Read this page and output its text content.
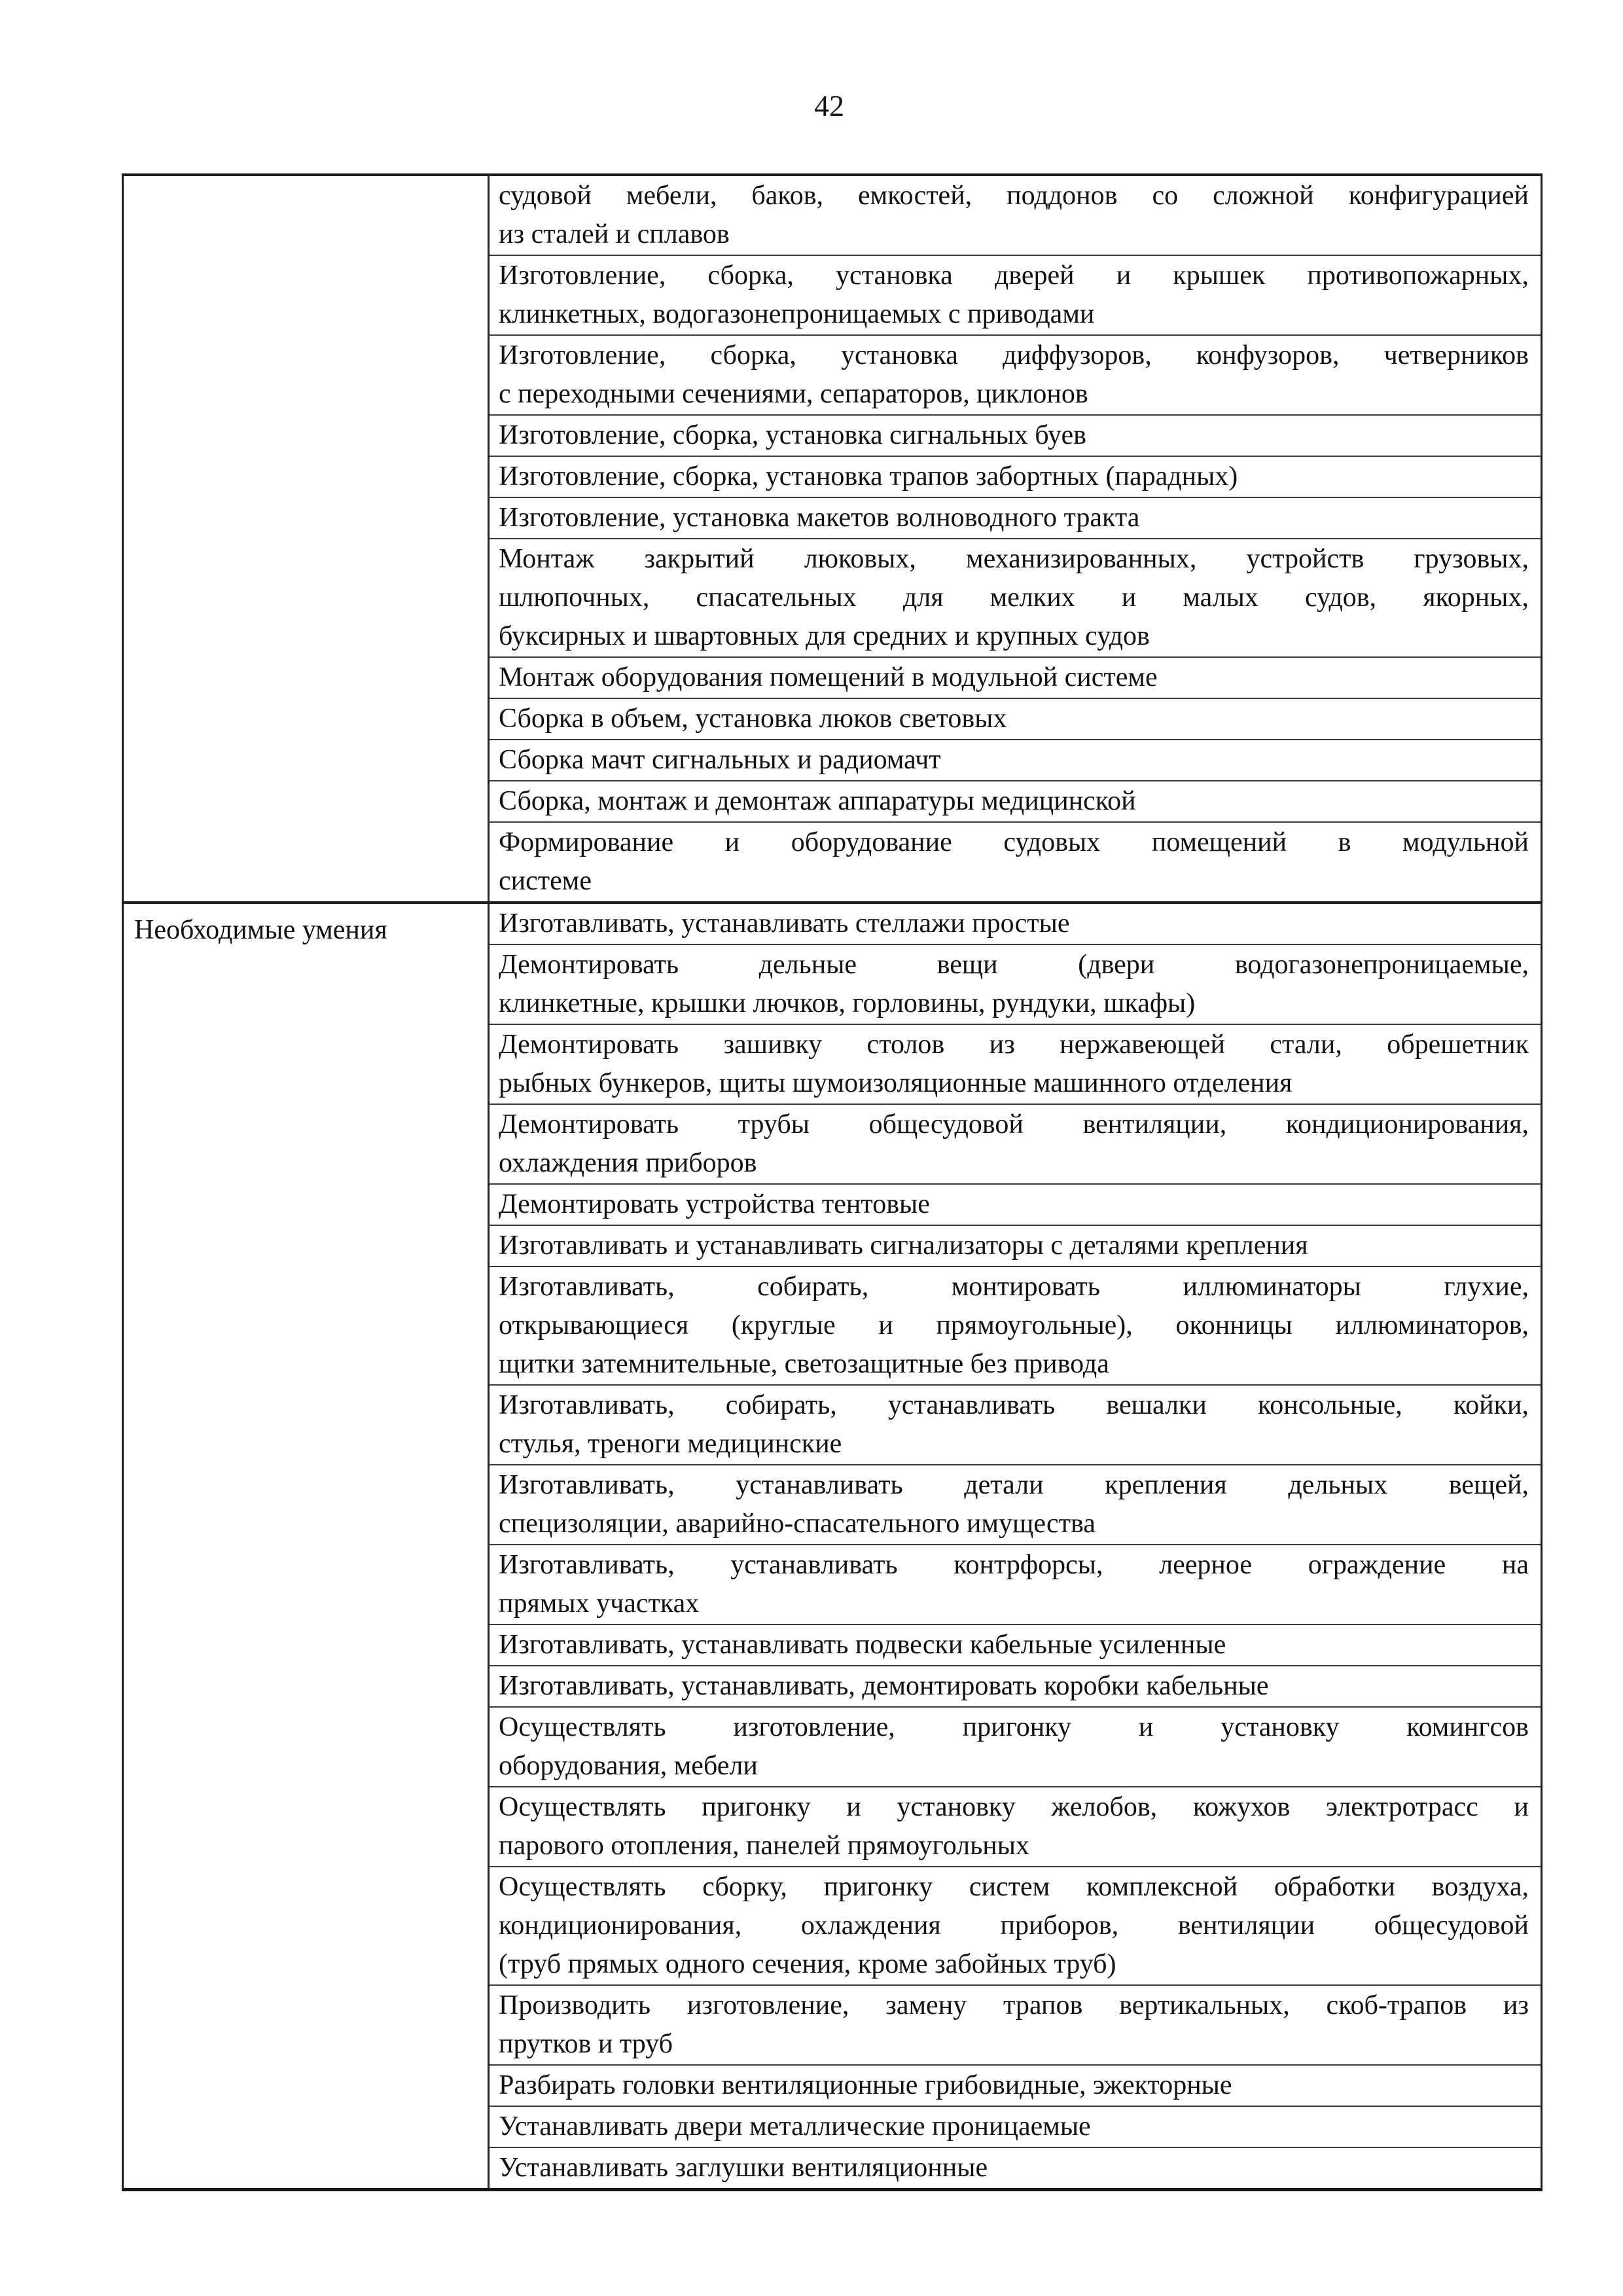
42
судовой мебели, баков, емкостей, поддонов со сложной конфигурацией
из сталей и сплавов
Изготовление, сборка, установка дверей и крышек противопожарных,
клинкетных, водогазонепроницаемых с приводами
Изготовление, сборка, установка диффузоров, конфузоров, четверников
с переходными сечениями, сепараторов, циклонов
Изготовление, сборка, установка сигнальных буев
Изготовление, сборка, установка трапов забортных (парадных)
Изготовление, установка макетов волноводного тракта
Монтаж закрытий люковых, механизированных, устройств грузовых,
шлюпочных, спасательных для мелких и малых судов, якорных,
буксирных и швартовных для средних и крупных судов
Монтаж оборудования помещений в модульной системе
Сборка в объем, установка люков световых
Сборка мачт сигнальных и радиомачт
Сборка, монтаж и демонтаж аппаратуры медицинской
Формирование и оборудование судовых помещений в модульной
системе
Необходимые умения	Изготавливать, устанавливать стеллажи простые
Демонтировать дельные вещи (двери водогазонепроницаемые,
клинкетные, крышки лючков, горловины, рундуки, шкафы)
Демонтировать зашивку столов из нержавеющей стали, обрешетник
рыбных бункеров, щиты шумоизоляционные машинного отделения
Демонтировать трубы общесудовой вентиляции, кондиционирования,
охлаждения приборов
Демонтировать устройства тентовые
Изготавливать и устанавливать сигнализаторы с деталями крепления
Изготавливать, собирать, монтировать иллюминаторы глухие,
открывающиеся (круглые и прямоугольные), оконницы иллюминаторов,
щитки затемнительные, светозащитные без привода
Изготавливать, собирать, устанавливать вешалки консольные, койки,
стулья, треноги медицинские
Изготавливать, устанавливать детали крепления дельных вещей,
специзоляции, аварийно-спасательного имущества
Изготавливать, устанавливать контрфорсы, леерное ограждение на
прямых участках
Изготавливать, устанавливать подвески кабельные усиленные
Изготавливать, устанавливать, демонтировать коробки кабельные
Осуществлять изготовление, пригонку и установку комингсов
оборудования, мебели
Осуществлять пригонку и установку желобов, кожухов электротрасс и
парового отопления, панелей прямоугольных
Осуществлять сборку, пригонку систем комплексной обработки воздуха,
кондиционирования, охлаждения приборов, вентиляции общесудовой
(труб прямых одного сечения, кроме забойных труб)
Производить изготовление, замену трапов вертикальных, скоб-трапов из
прутков и труб
Разбирать головки вентиляционные грибовидные, эжекторные
Устанавливать двери металлические проницаемые
Устанавливать заглушки вентиляционные
